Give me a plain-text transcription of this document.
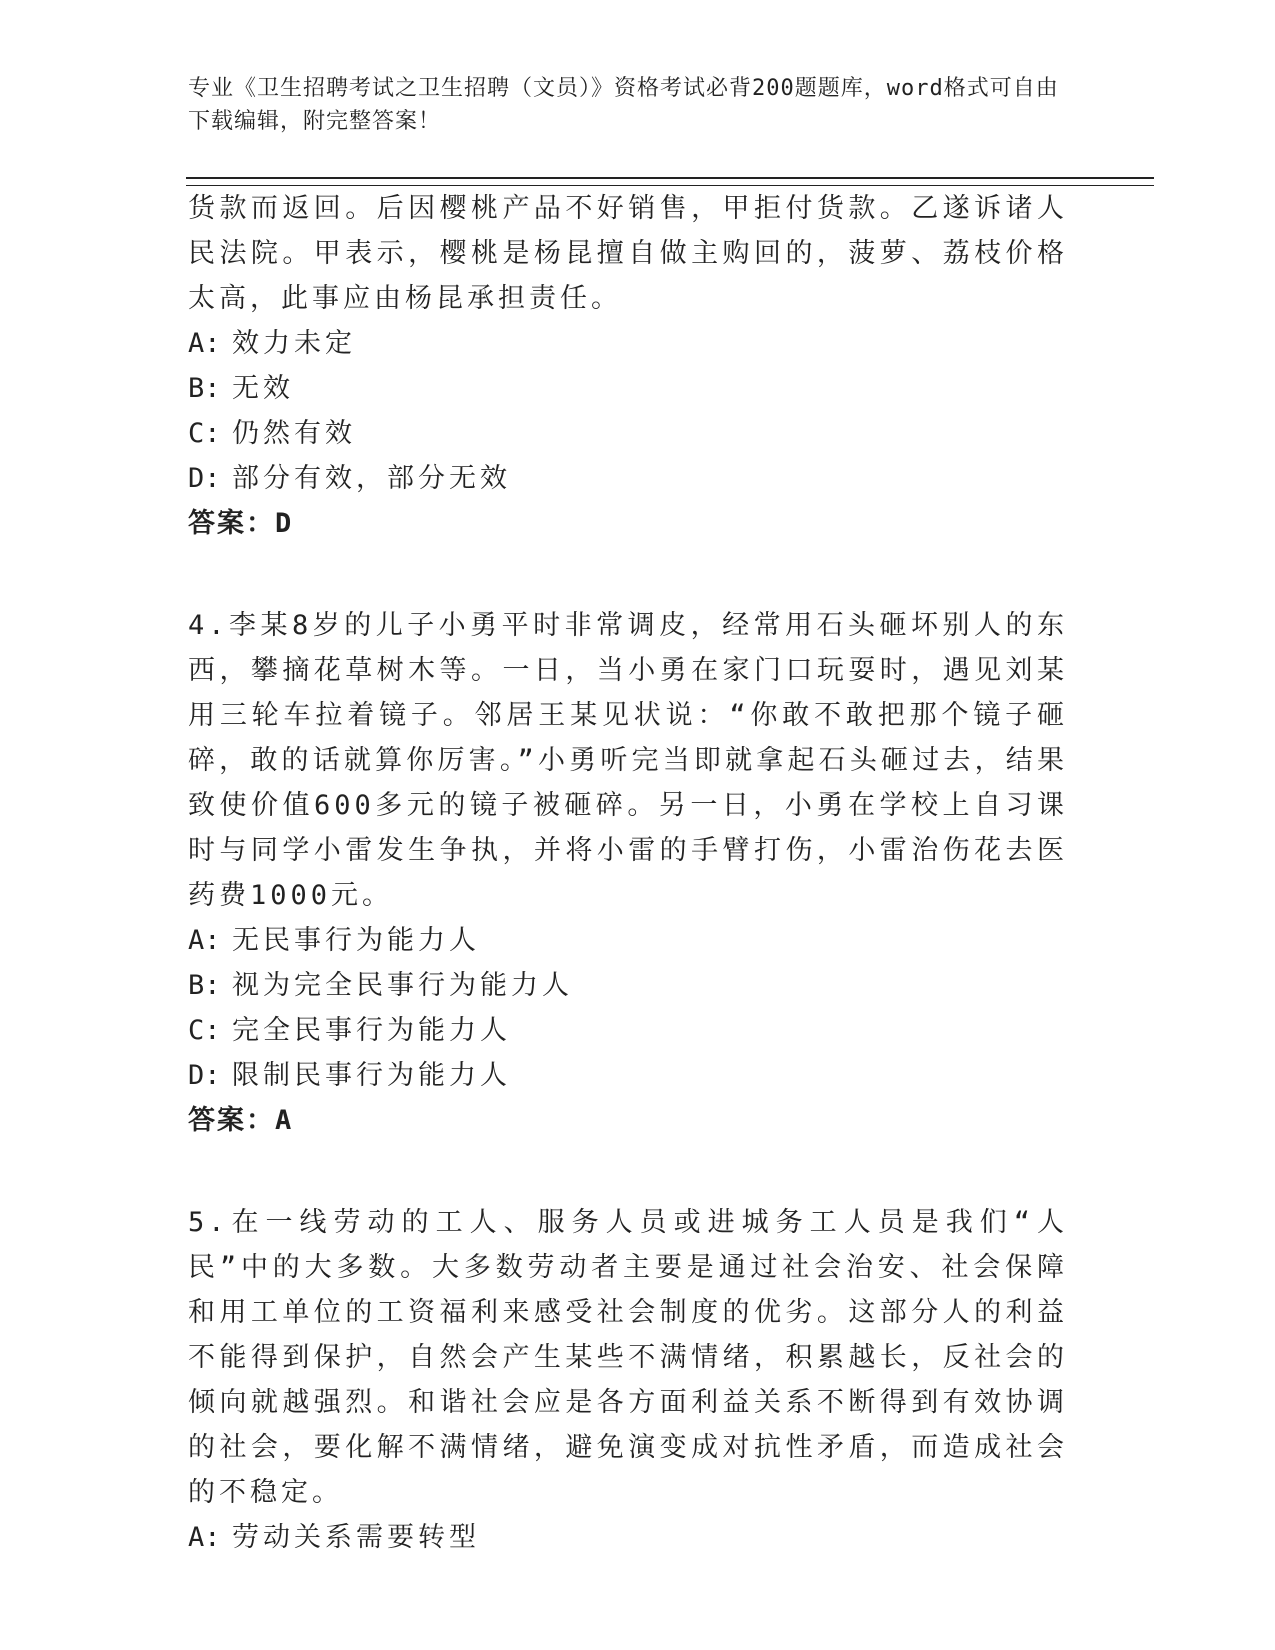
专业《卫生招聘考试之卫生招聘（文员）》资格考试必背200题题库，word格式可自由下载编辑，附完整答案！

货款而返回。后因樱桃产品不好销售，甲拒付货款。乙遂诉诸人民法院。甲表示，樱桃是杨昆擅自做主购回的，菠萝、荔枝价格太高，此事应由杨昆承担责任。

A: 效力未定
B: 无效
C: 仍然有效
D: 部分有效，部分无效

答案：D

4.李某8岁的儿子小勇平时非常调皮，经常用石头砸坏别人的东西，攀摘花草树木等。一日，当小勇在家门口玩耍时，遇见刘某用三轮车拉着镜子。邻居王某见状说：“你敢不敢把那个镜子砸碎，敢的话就算你厉害。”小勇听完当即就拿起石头砸过去，结果致使价值600多元的镜子被砸碎。另一日，小勇在学校上自习课时与同学小雷发生争执，并将小雷的手臂打伤，小雷治伤花去医药费1000元。

A: 无民事行为能力人
B: 视为完全民事行为能力人
C: 完全民事行为能力人
D: 限制民事行为能力人

答案：A

5.在一线劳动的工人、服务人员或进城务工人员是我们“人民”中的大多数。大多数劳动者主要是通过社会治安、社会保障和用工单位的工资福利来感受社会制度的优劣。这部分人的利益不能得到保护，自然会产生某些不满情绪，积累越长，反社会的倾向就越强烈。和谐社会应是各方面利益关系不断得到有效协调的社会，要化解不满情绪，避免演变成对抗性矛盾，而造成社会的不稳定。

A: 劳动关系需要转型
